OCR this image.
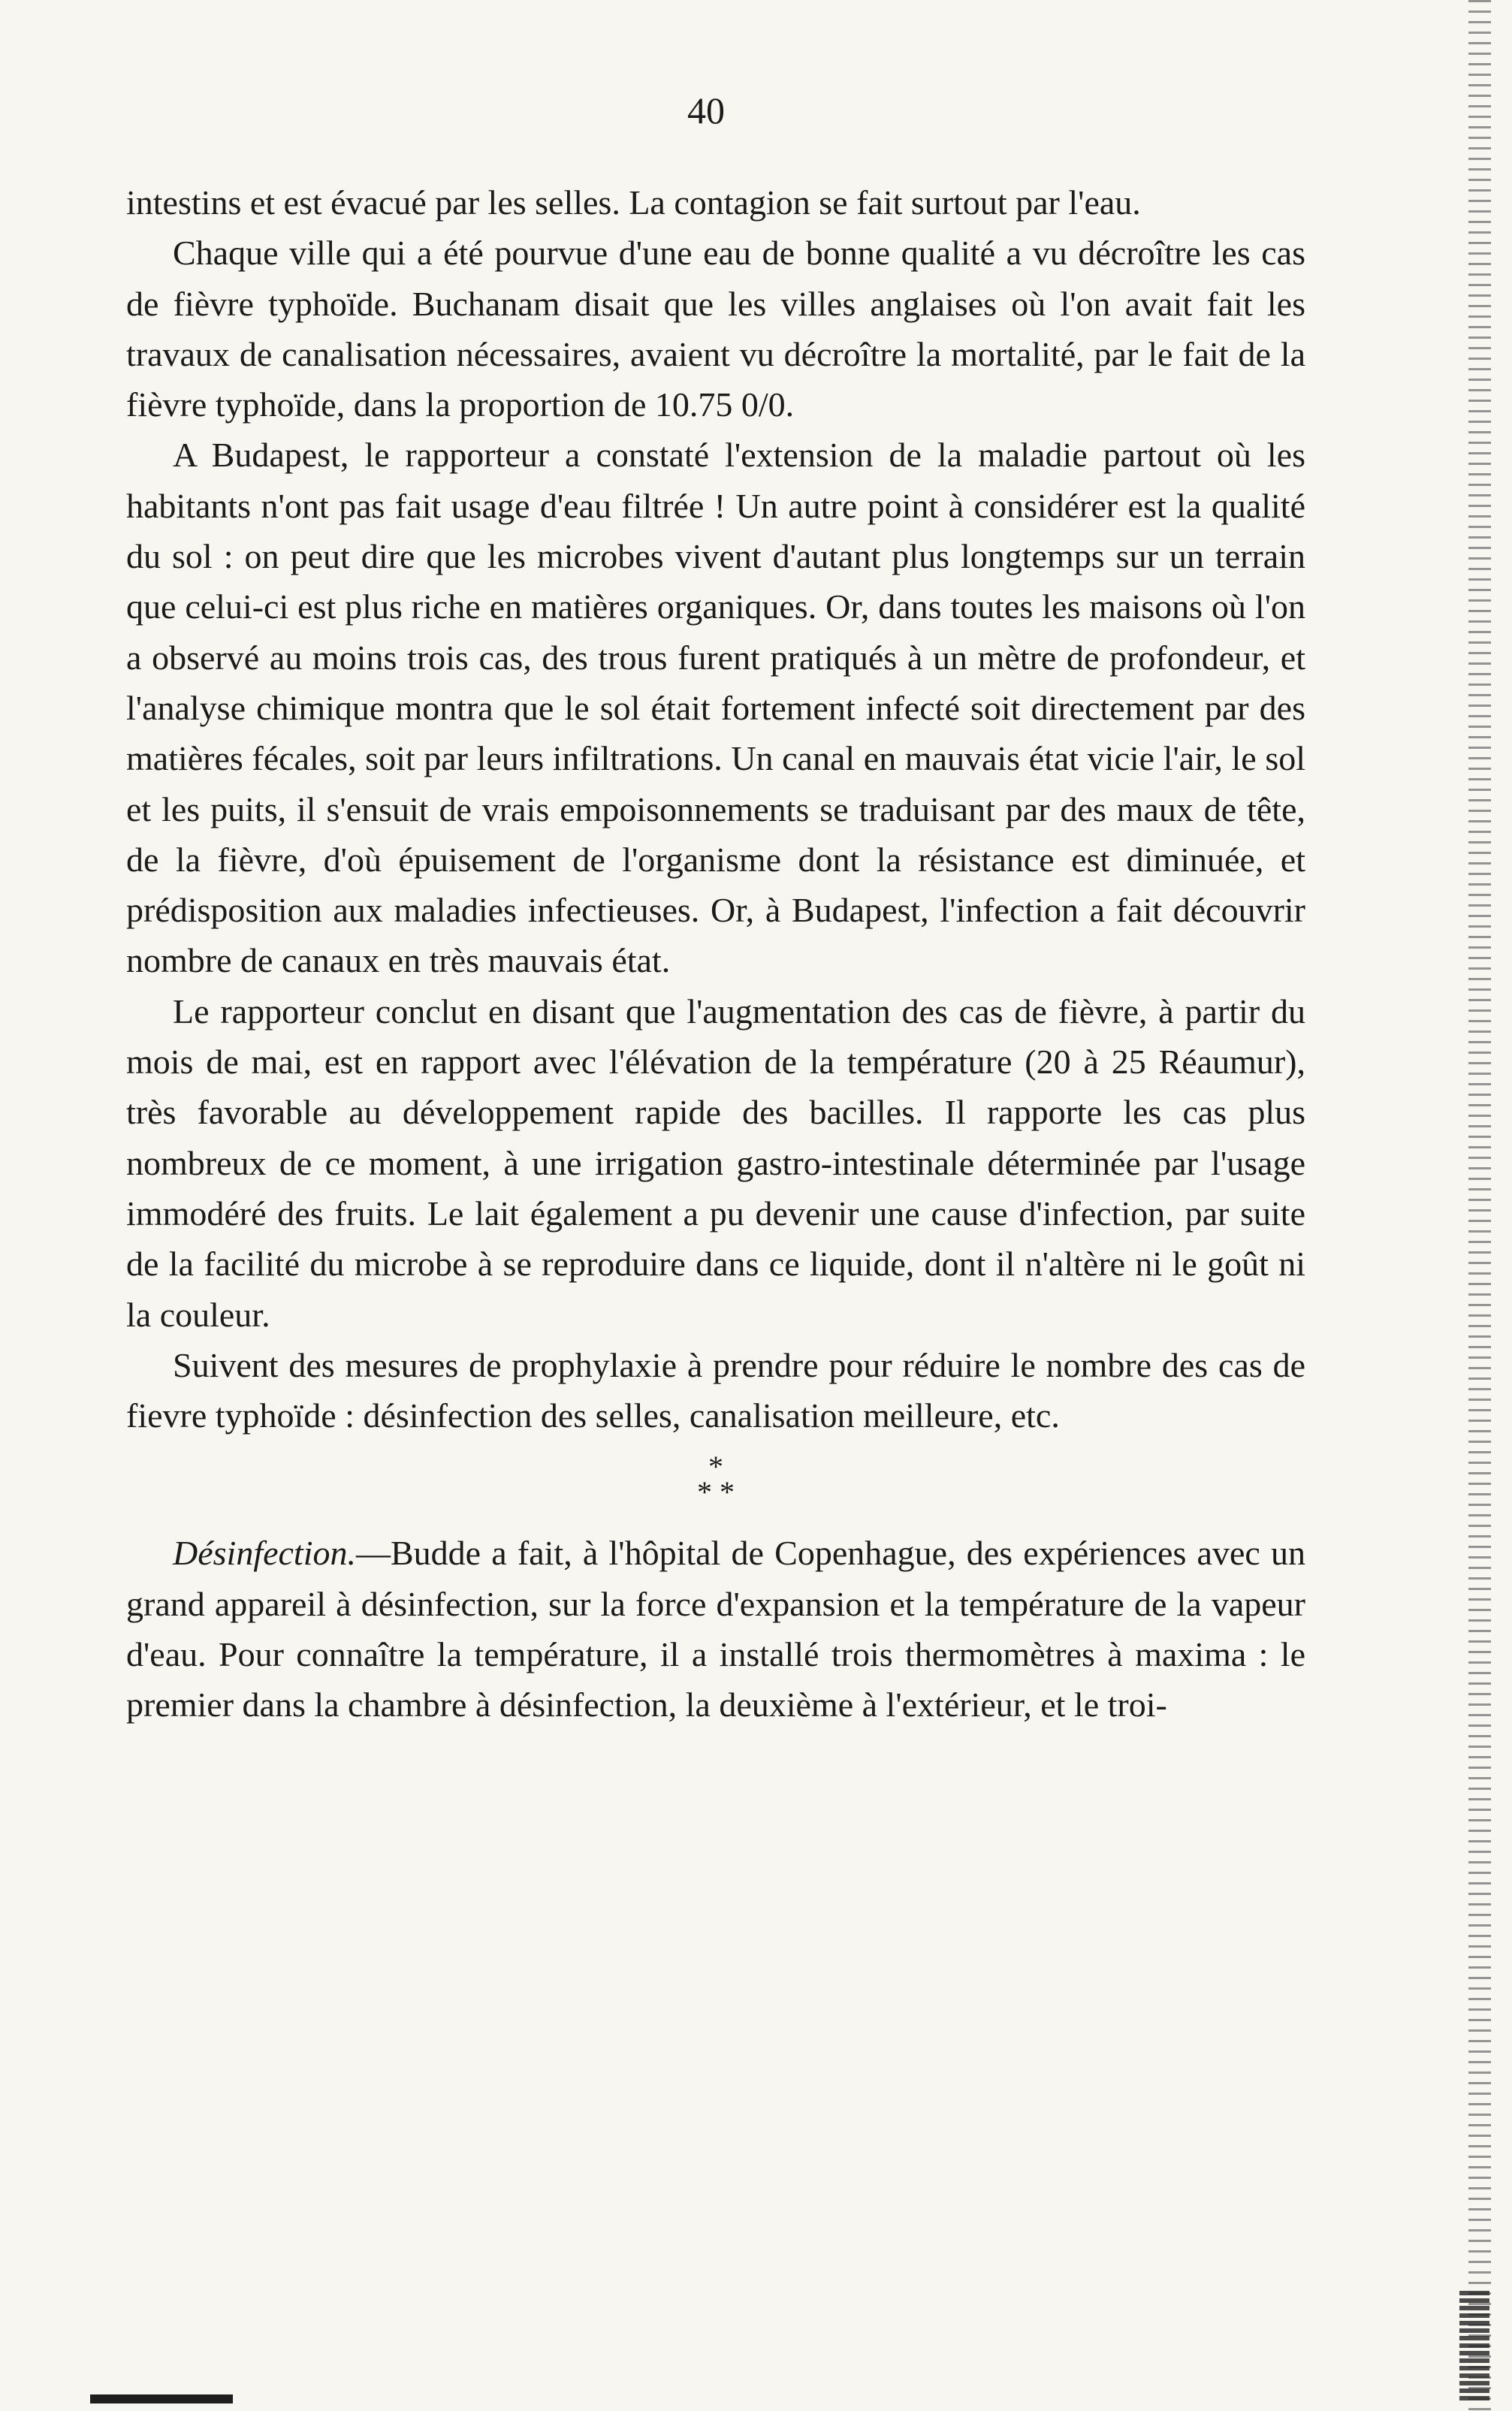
40

intestins et est évacué par les selles. La contagion se fait surtout par l'eau.

Chaque ville qui a été pourvue d'une eau de bonne qualité a vu décroître les cas de fièvre typhoïde. Buchanam disait que les villes anglaises où l'on avait fait les travaux de canalisation nécessaires, avaient vu décroître la mortalité, par le fait de la fièvre typhoïde, dans la proportion de 10.75 0/0.

A Budapest, le rapporteur a constaté l'extension de la maladie partout où les habitants n'ont pas fait usage d'eau filtrée ! Un autre point à considérer est la qualité du sol : on peut dire que les microbes vivent d'autant plus longtemps sur un terrain que celui-ci est plus riche en matières organiques. Or, dans toutes les maisons où l'on a observé au moins trois cas, des trous furent pratiqués à un mètre de profondeur, et l'analyse chimique montra que le sol était fortement infecté soit directement par des matières fécales, soit par leurs infiltrations. Un canal en mauvais état vicie l'air, le sol et les puits, il s'ensuit de vrais empoisonnements se traduisant par des maux de tête, de la fièvre, d'où épuisement de l'organisme dont la résistance est diminuée, et prédisposition aux maladies infectieuses. Or, à Budapest, l'infection a fait découvrir nombre de canaux en très mauvais état.

Le rapporteur conclut en disant que l'augmentation des cas de fièvre, à partir du mois de mai, est en rapport avec l'élévation de la température (20 à 25 Réaumur), très favorable au développement rapide des bacilles. Il rapporte les cas plus nombreux de ce moment, à une irrigation gastro-intestinale déterminée par l'usage immodéré des fruits. Le lait également a pu devenir une cause d'infection, par suite de la facilité du microbe à se reproduire dans ce liquide, dont il n'altère ni le goût ni la couleur.

Suivent des mesures de prophylaxie à prendre pour réduire le nombre des cas de fievre typhoïde : désinfection des selles, canalisation meilleure, etc.

*
* *

Désinfection.—Budde a fait, à l'hôpital de Copenhague, des expériences avec un grand appareil à désinfection, sur la force d'expansion et la température de la vapeur d'eau. Pour connaître la température, il a installé trois thermomètres à maxima : le premier dans la chambre à désinfection, la deuxième à l'extérieur, et le troi-
